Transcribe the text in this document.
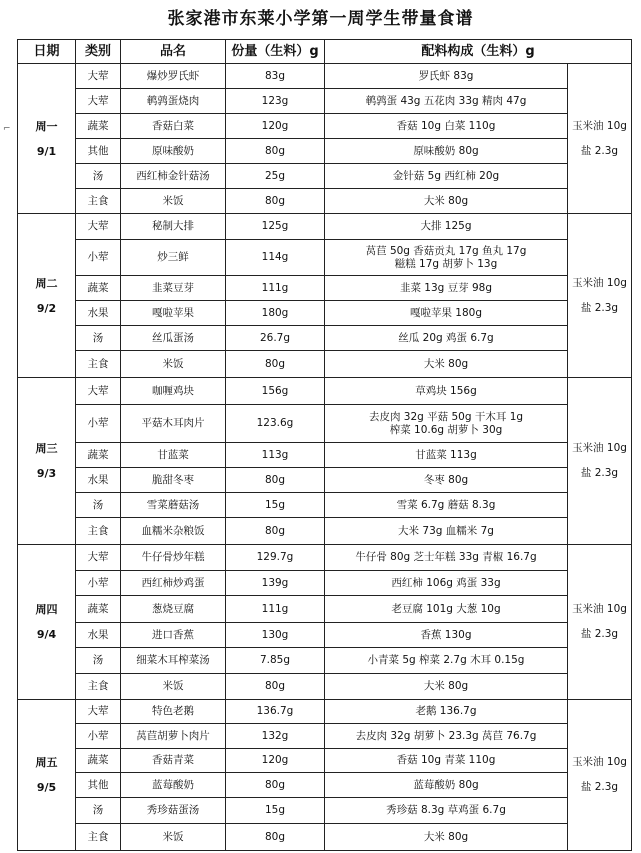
张家港市东莱小学第一周学生带量食谱
日期	类别	品名	份量（生料）g	配料构成（生料）g	

周一
9/1	大荤	爆炒罗氏虾	83g	罗氏虾 83g	玉米油 10g
盐 2.3g

	大荤	鹌鹑蛋烧肉	123g	鹌鹑蛋 43g 五花肉 33g 精肉 47g	

	蔬菜	香菇白菜	120g	香菇 10g 白菜 110g	

	其他	原味酸奶	80g	原味酸奶 80g	

	汤	西红柿金针菇汤	25g	金针菇 5g 西红柿 20g	

	主食	米饭	80g	大米 80g	

周二
9/2	大荤	秘制大排	125g	大排 125g	玉米油 10g
盐 2.3g

	小荤	炒三鲜	114g	莴苣 50g 香菇贡丸 17g 鱼丸 17g
糍糕 17g 胡萝卜 13g	

	蔬菜	韭菜豆芽	111g	韭菜 13g 豆芽 98g	

	水果	嘎啦苹果	180g	嘎啦苹果 180g	

	汤	丝瓜蛋汤	26.7g	丝瓜 20g 鸡蛋 6.7g	

	主食	米饭	80g	大米 80g	

周三
9/3	大荤	咖喱鸡块	156g	草鸡块 156g	玉米油 10g
盐 2.3g

	小荤	平菇木耳肉片	123.6g	去皮肉 32g 平菇 50g 干木耳 1g
榨菜 10.6g 胡萝卜 30g	

	蔬菜	甘蓝菜	113g	甘蓝菜 113g	

	水果	脆甜冬枣	80g	冬枣 80g	

	汤	雪菜蘑菇汤	15g	雪菜 6.7g 蘑菇 8.3g	

	主食	血糯米杂粮饭	80g	大米 73g 血糯米 7g	

周四
9/4	大荤	牛仔骨炒年糕	129.7g	牛仔骨 80g 芝士年糕 33g 青椒 16.7g	玉米油 10g
盐 2.3g

	小荤	西红柿炒鸡蛋	139g	西红柿 106g 鸡蛋 33g	

	蔬菜	葱烧豆腐	111g	老豆腐 101g 大葱 10g	

	水果	进口香蕉	130g	香蕉 130g	

	汤	细菜木耳榨菜汤	7.85g	小青菜 5g 榨菜 2.7g 木耳 0.15g	

	主食	米饭	80g	大米 80g	

周五
9/5	大荤	特色老鹅	136.7g	老鹅 136.7g	玉米油 10g
盐 2.3g

	小荤	莴苣胡萝卜肉片	132g	去皮肉 32g 胡萝卜 23.3g 莴苣 76.7g	

	蔬菜	香菇青菜	120g	香菇 10g 青菜 110g	

	其他	蓝莓酸奶	80g	蓝莓酸奶 80g	

	汤	秀珍菇蛋汤	15g	秀珍菇 8.3g 草鸡蛋 6.7g	

	主食	米饭	80g	大米 80g	
⌐
